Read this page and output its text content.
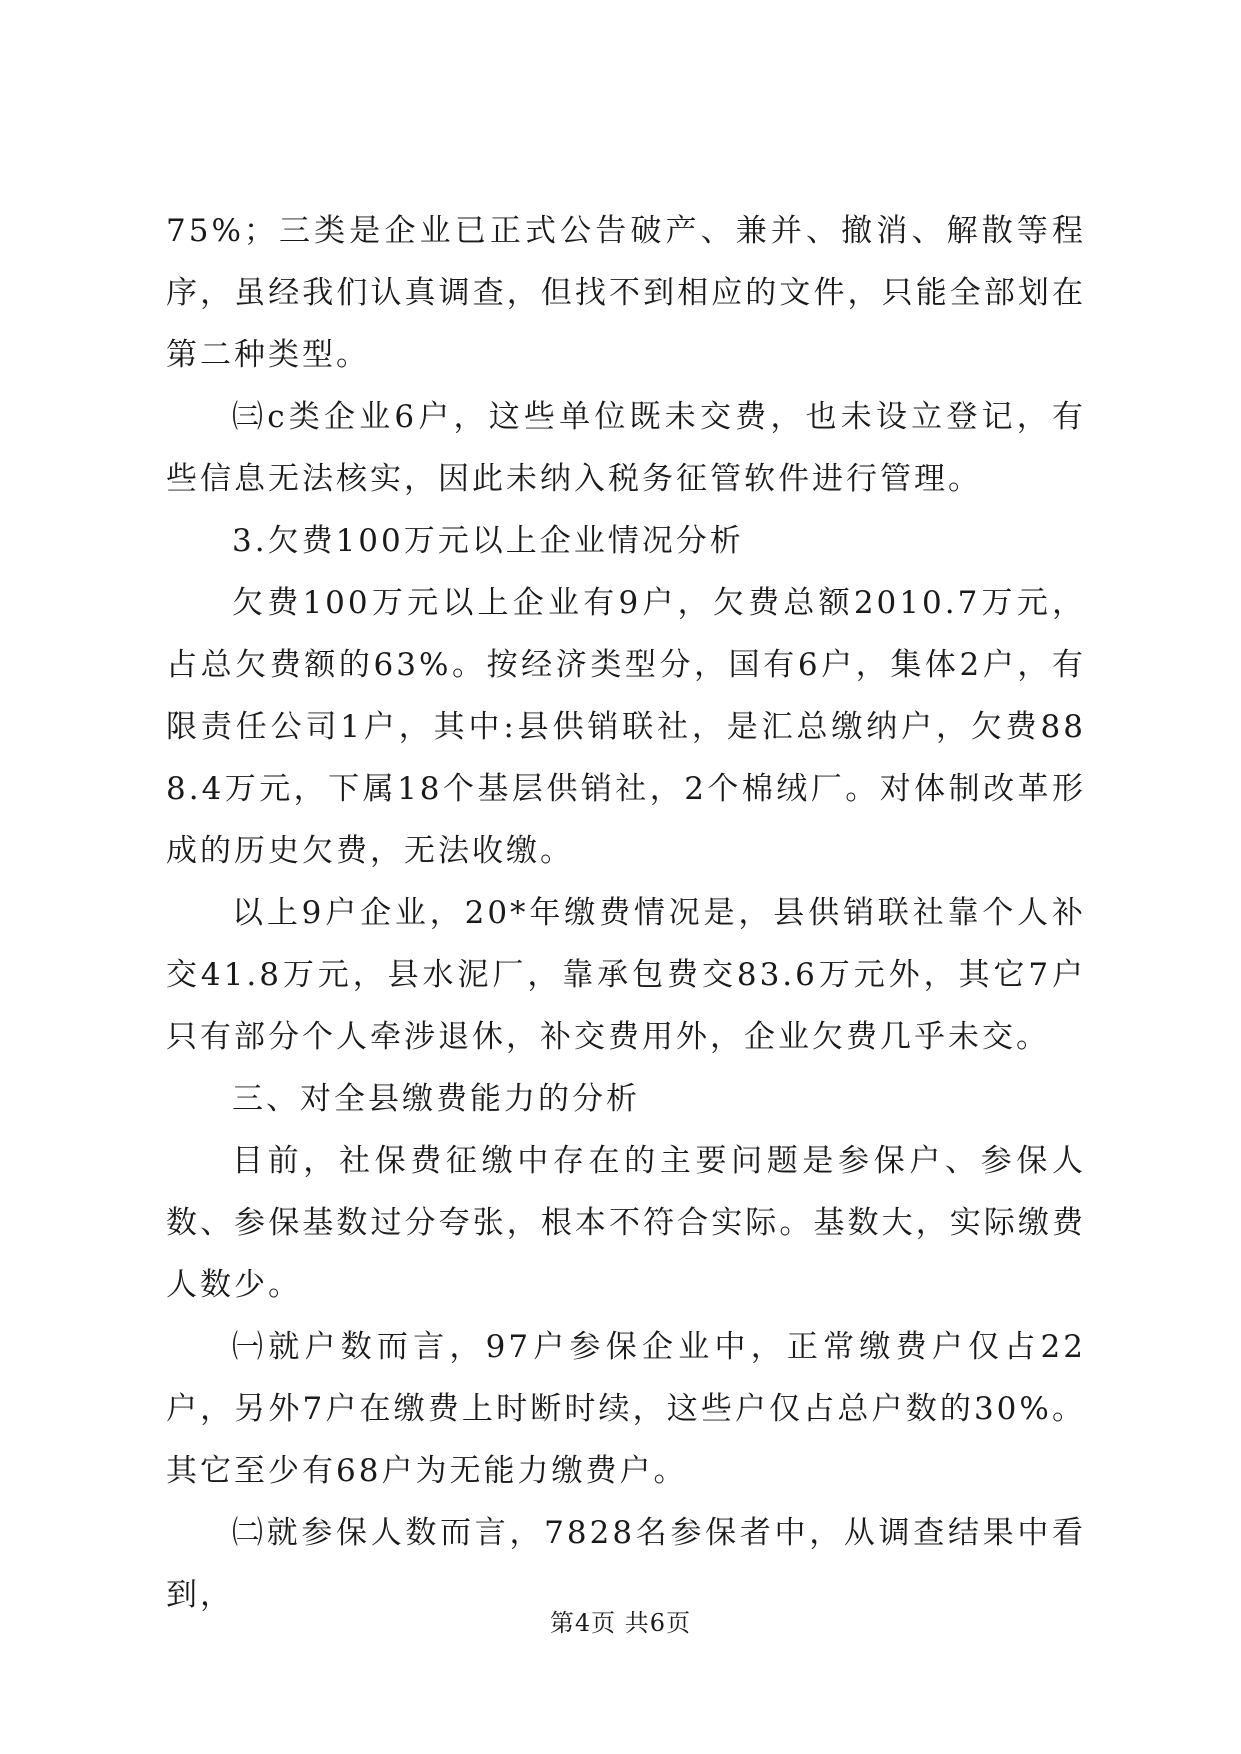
75%；三类是企业已正式公告破产、兼并、撤消、解散等程序，虽经我们认真调查，但找不到相应的文件，只能全部划在第二种类型。

㈢c类企业6户，这些单位既未交费，也未设立登记，有些信息无法核实，因此未纳入税务征管软件进行管理。

3.欠费100万元以上企业情况分析

欠费100万元以上企业有9户，欠费总额2010.7万元，占总欠费额的63%。按经济类型分，国有6户，集体2户，有限责任公司1户，其中:县供销联社，是汇总缴纳户，欠费888.4万元，下属18个基层供销社，2个棉绒厂。对体制改革形成的历史欠费，无法收缴。

以上9户企业，20*年缴费情况是，县供销联社靠个人补交41.8万元，县水泥厂，靠承包费交83.6万元外，其它7户只有部分个人牵涉退休，补交费用外，企业欠费几乎未交。

三、对全县缴费能力的分析

目前，社保费征缴中存在的主要问题是参保户、参保人数、参保基数过分夸张，根本不符合实际。基数大，实际缴费人数少。

㈠就户数而言，97户参保企业中，正常缴费户仅占22户，另外7户在缴费上时断时续，这些户仅占总户数的30%。其它至少有68户为无能力缴费户。

㈡就参保人数而言，7828名参保者中，从调查结果中看到，

第4页 共6页
